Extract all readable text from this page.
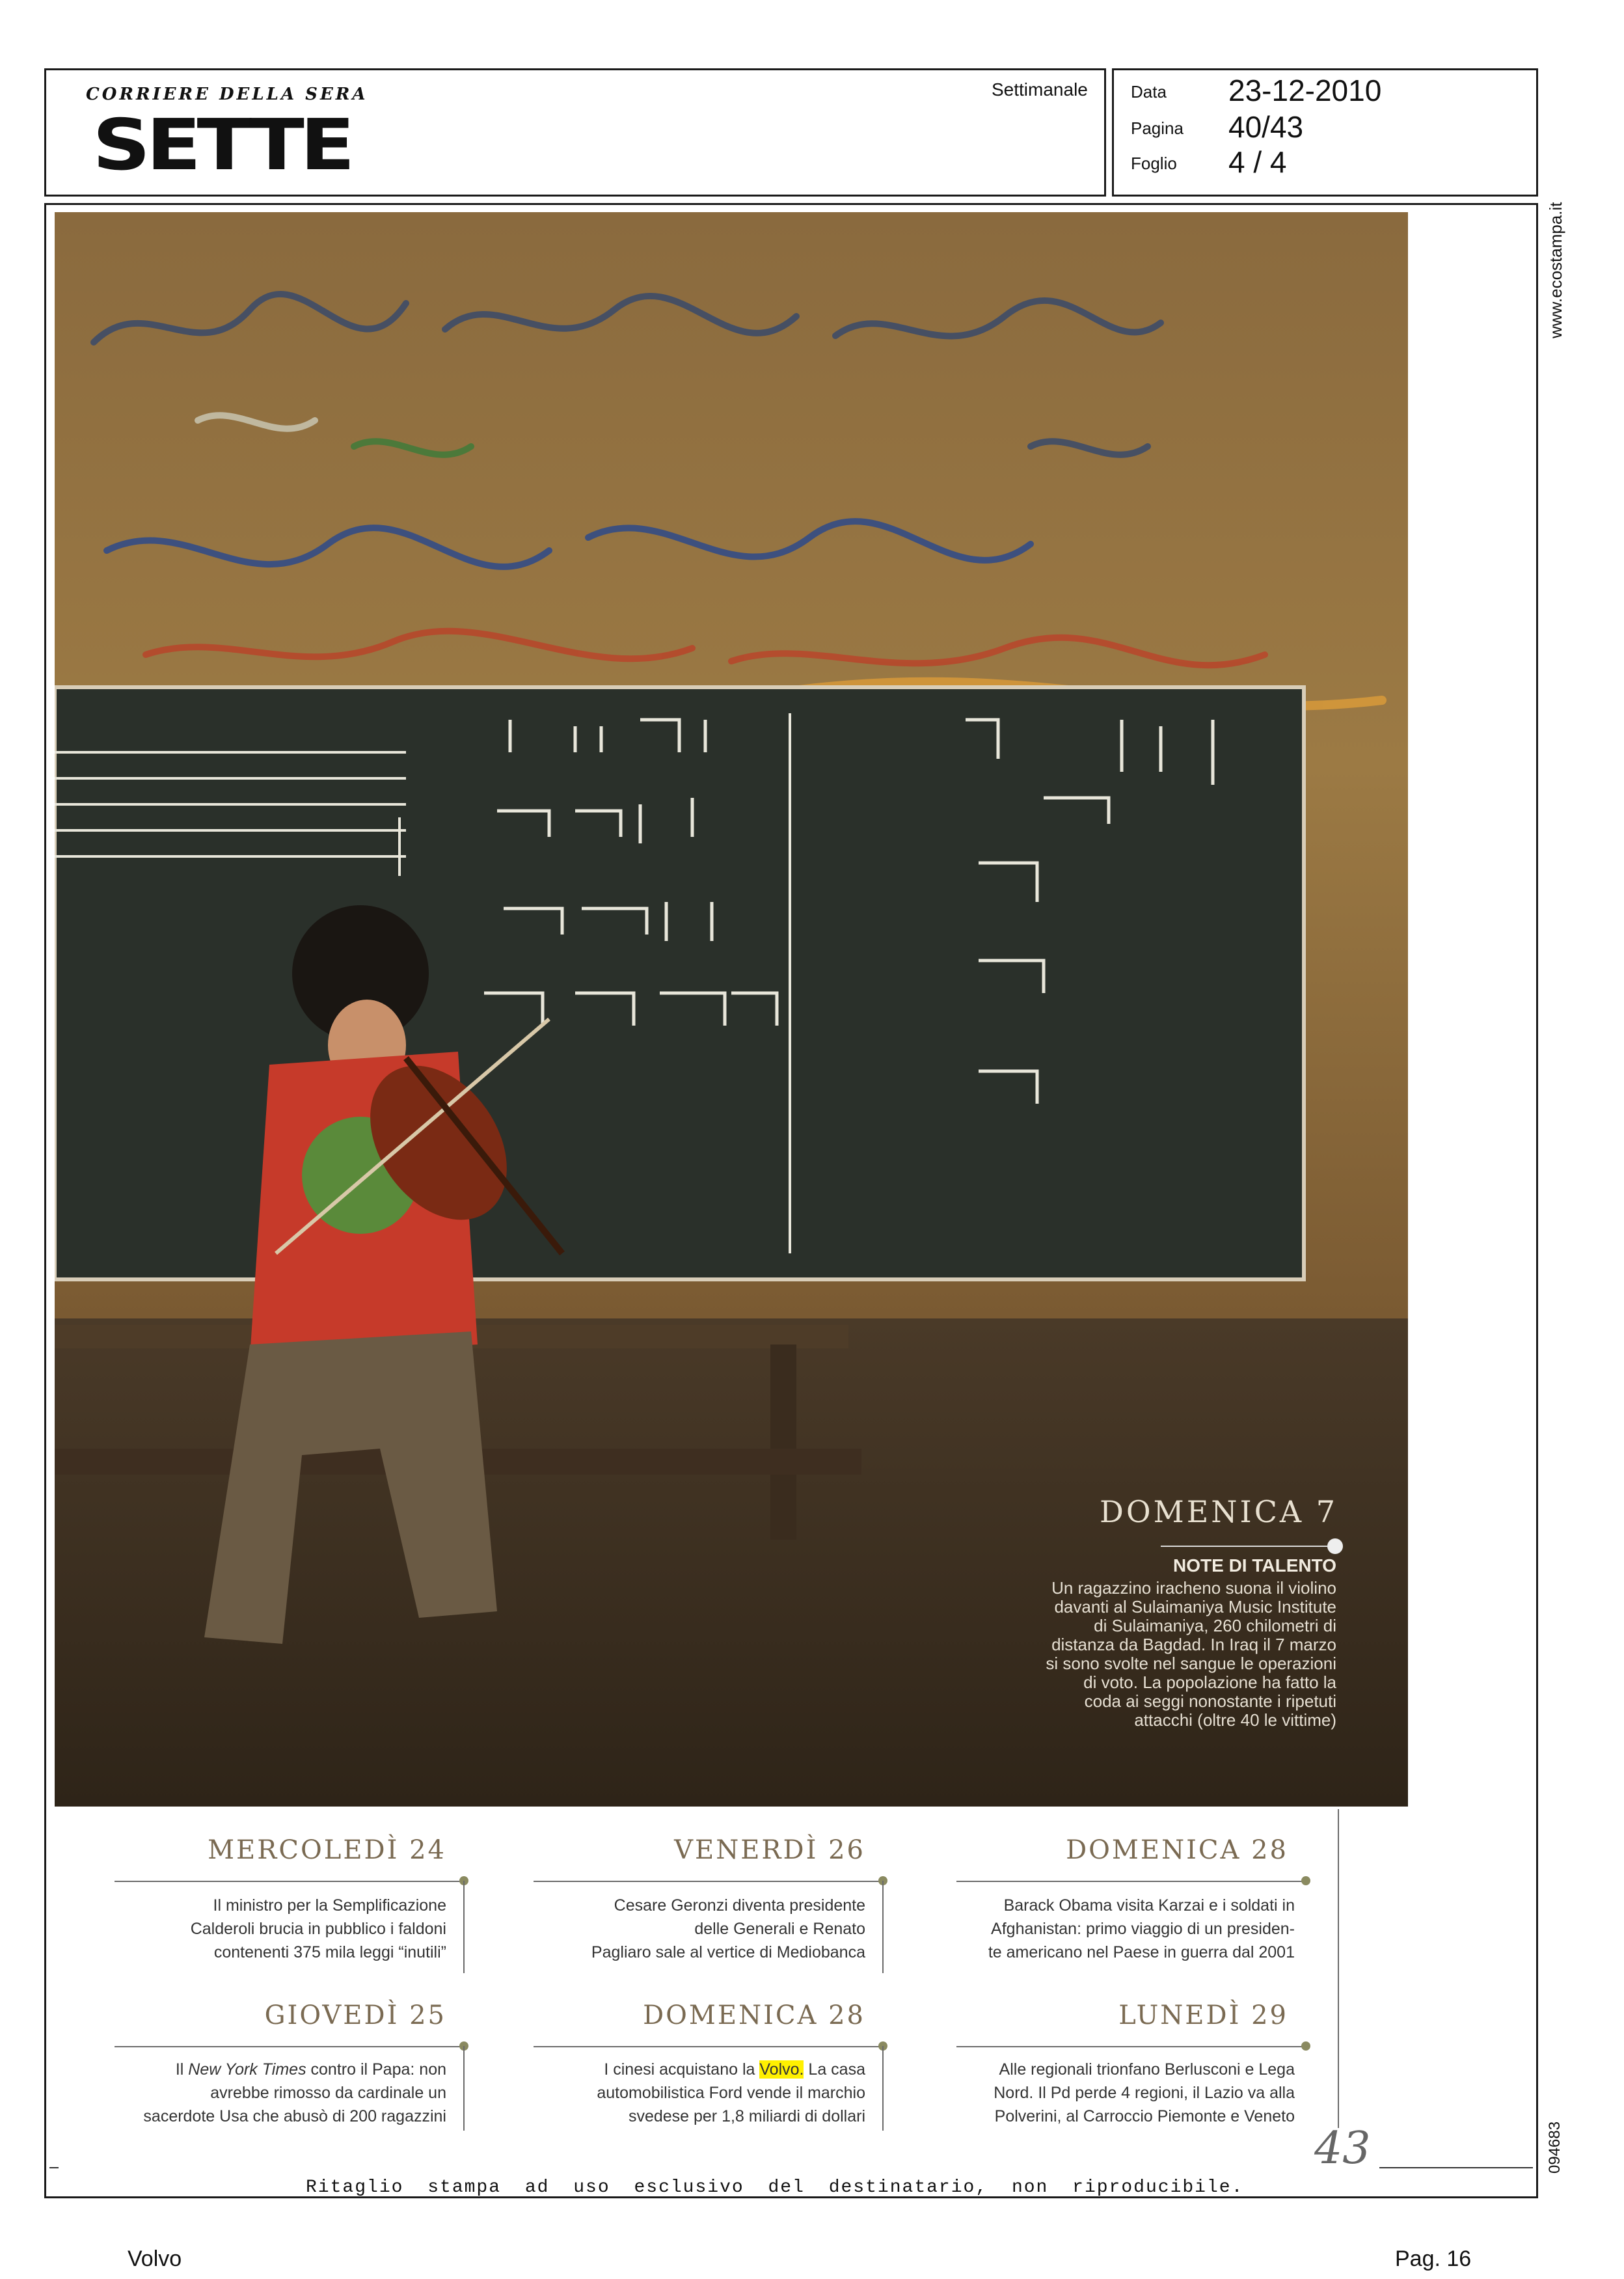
CORRIERE DELLA SERA
SETTE
Settimanale	Data 23-12-2010
Pagina 40/43
Foglio 4 / 4
www.ecostampa.it
094683
DOMENICA 7
NOTE DI TALENTO
Un ragazzino iracheno suona il violino
davanti al Sulaimaniya Music Institute
di Sulaimaniya, 260 chilometri di
distanza da Bagdad. In Iraq il 7 marzo
si sono svolte nel sangue le operazioni
di voto. La popolazione ha fatto la
coda ai seggi nonostante i ripetuti
attacchi (oltre 40 le vittime)
MERCOLEDÌ 24
Il ministro per la Semplificazione
Calderoli brucia in pubblico i faldoni
contenenti 375 mila leggi “inutili”
VENERDÌ 26
Cesare Geronzi diventa presidente
delle Generali e Renato
Pagliaro sale al vertice di Mediobanca
DOMENICA 28
Barack Obama visita Karzai e i soldati in
Afghanistan: primo viaggio di un presiden-
te americano nel Paese in guerra dal 2001
GIOVEDÌ 25
Il New York Times contro il Papa: non
avrebbe rimosso da cardinale un
sacerdote Usa che abusò di 200 ragazzini
DOMENICA 28
I cinesi acquistano la Volvo. La casa
automobilistica Ford vende il marchio
svedese per 1,8 miliardi di dollari
LUNEDÌ 29
Alle regionali trionfano Berlusconi e Lega
Nord. Il Pd perde 4 regioni, il Lazio va alla
Polverini, al Carroccio Piemonte e Veneto
43
Ritaglio stampa ad uso esclusivo del destinatario, non riproducibile.
Volvo	Pag. 16
